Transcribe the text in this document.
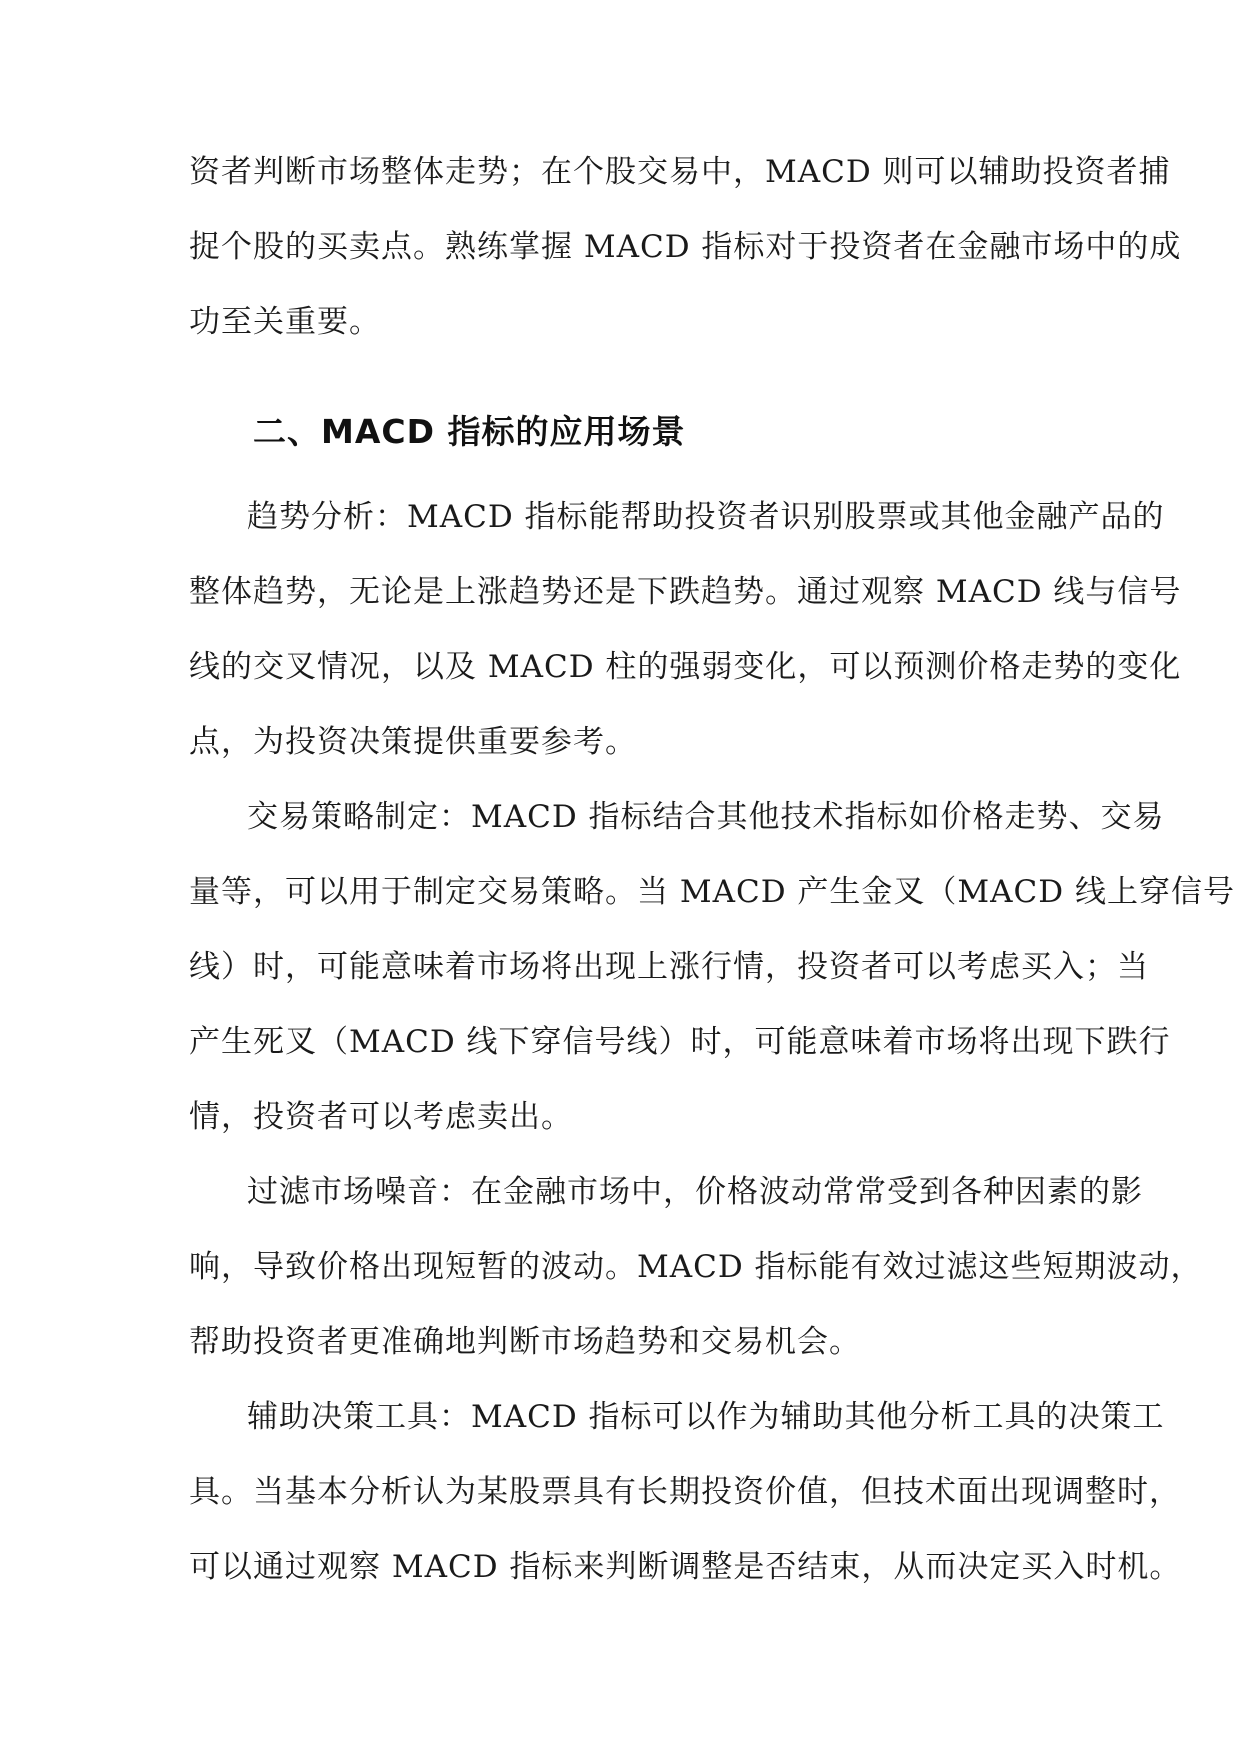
资者判断市场整体走势；在个股交易中，MACD 则可以辅助投资者捕
捉个股的买卖点。熟练掌握 MACD 指标对于投资者在金融市场中的成
功至关重要。
二、MACD 指标的应用场景
趋势分析：MACD 指标能帮助投资者识别股票或其他金融产品的
整体趋势，无论是上涨趋势还是下跌趋势。通过观察 MACD 线与信号
线的交叉情况，以及 MACD 柱的强弱变化，可以预测价格走势的变化
点，为投资决策提供重要参考。
交易策略制定：MACD 指标结合其他技术指标如价格走势、交易
量等，可以用于制定交易策略。当 MACD 产生金叉（MACD 线上穿信号
线）时，可能意味着市场将出现上涨行情，投资者可以考虑买入；当
产生死叉（MACD 线下穿信号线）时，可能意味着市场将出现下跌行
情，投资者可以考虑卖出。
过滤市场噪音：在金融市场中，价格波动常常受到各种因素的影
响，导致价格出现短暂的波动。MACD 指标能有效过滤这些短期波动，
帮助投资者更准确地判断市场趋势和交易机会。
辅助决策工具：MACD 指标可以作为辅助其他分析工具的决策工
具。当基本分析认为某股票具有长期投资价值，但技术面出现调整时，
可以通过观察 MACD 指标来判断调整是否结束，从而决定买入时机。
